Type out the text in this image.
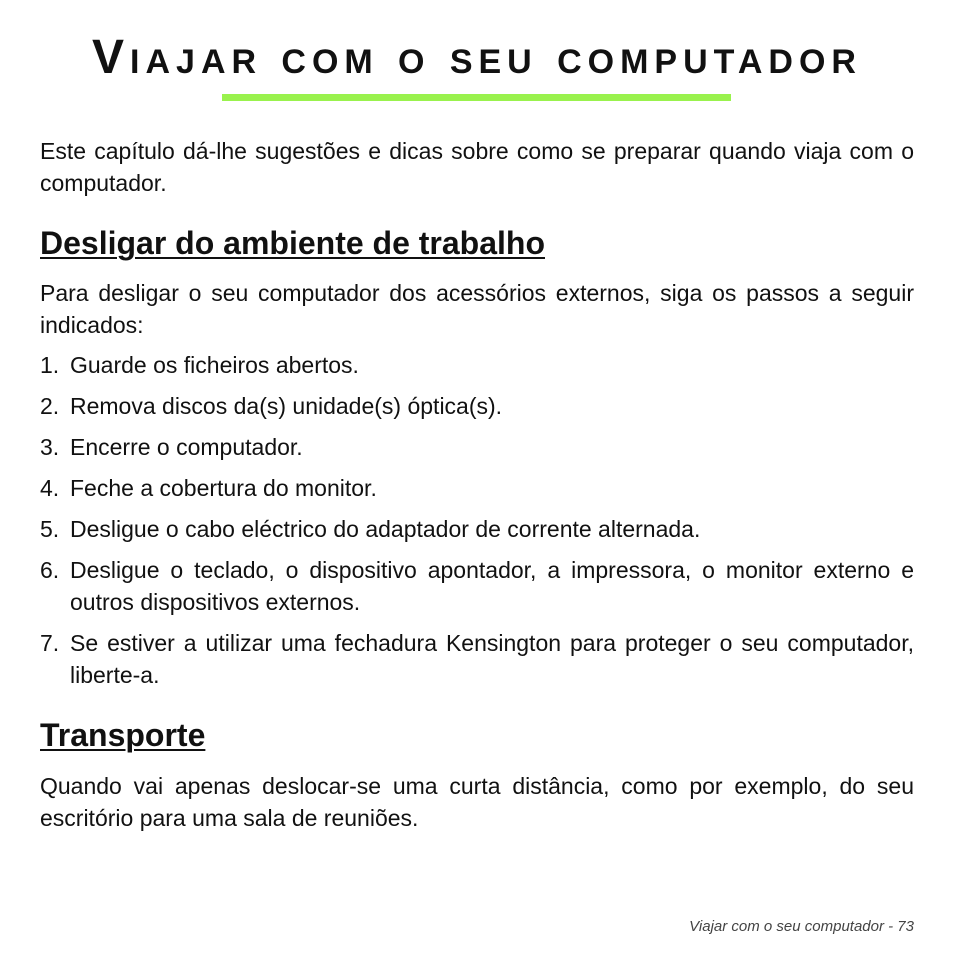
Viajar com o seu computador

Este capítulo dá-lhe sugestões e dicas sobre como se preparar quando viaja com o computador.

Desligar do ambiente de trabalho

Para desligar o seu computador dos acessórios externos, siga os passos a seguir indicados:

1. Guarde os ficheiros abertos.
2. Remova discos da(s) unidade(s) óptica(s).
3. Encerre o computador.
4. Feche a cobertura do monitor.
5. Desligue o cabo eléctrico do adaptador de corrente alternada.
6. Desligue o teclado, o dispositivo apontador, a impressora, o monitor externo e outros dispositivos externos.
7. Se estiver a utilizar uma fechadura Kensington para proteger o seu computador, liberte-a.
Transporte

Quando vai apenas deslocar-se uma curta distância, como por exemplo, do seu escritório para uma sala de reuniões.

Viajar com o seu computador - 73
